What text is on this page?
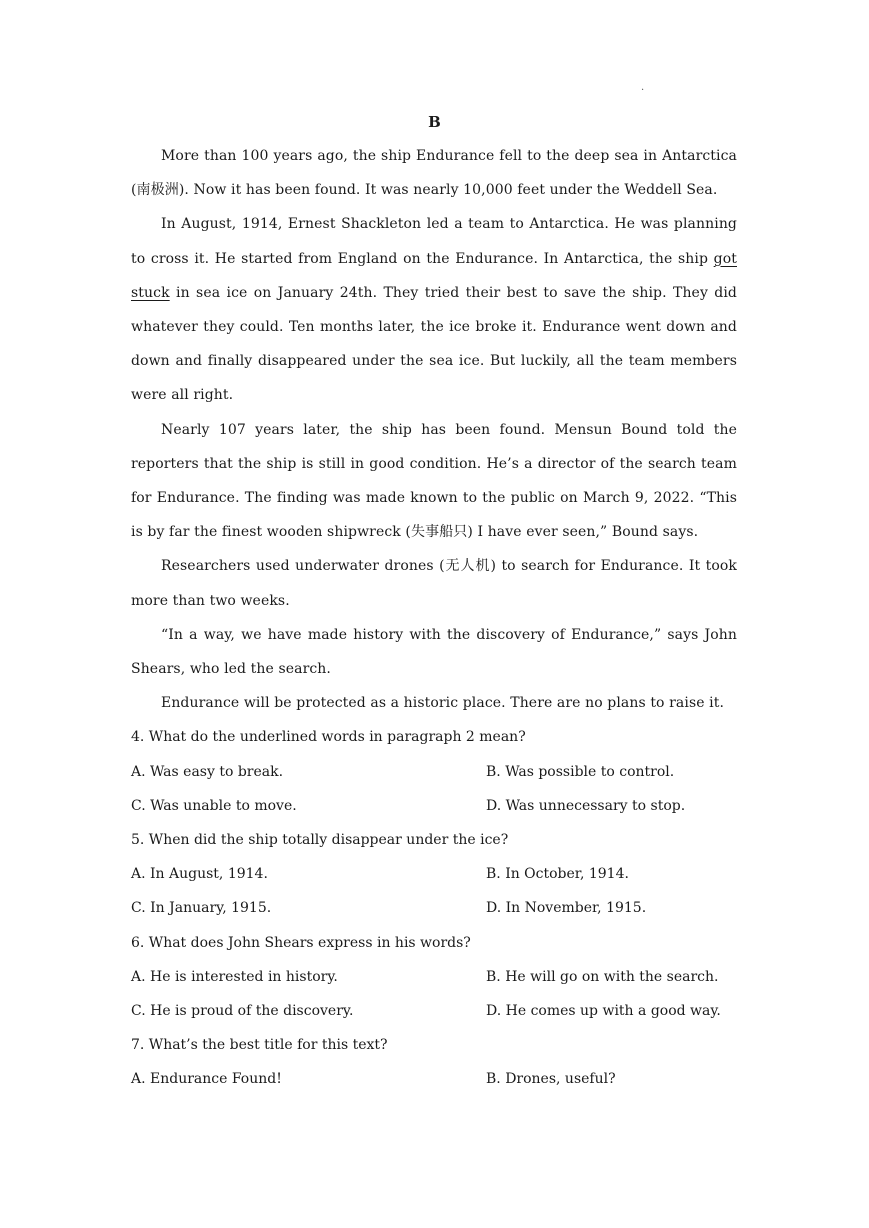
.
B

More than 100 years ago, the ship Endurance fell to the deep sea in Antarctica (南极洲). Now it has been found. It was nearly 10,000 feet under the Weddell Sea.

In August, 1914, Ernest Shackleton led a team to Antarctica. He was planning to cross it. He started from England on the Endurance. In Antarctica, the ship got stuck in sea ice on January 24th. They tried their best to save the ship. They did whatever they could. Ten months later, the ice broke it. Endurance went down and down and finally disappeared under the sea ice. But luckily, all the team members were all right.

Nearly 107 years later, the ship has been found. Mensun Bound told the reporters that the ship is still in good condition. He’s a director of the search team for Endurance. The finding was made known to the public on March 9, 2022. “This is by far the finest wooden shipwreck (失事船只) I have ever seen,” Bound says.

Researchers used underwater drones (无人机) to search for Endurance. It took more than two weeks.

“In a way, we have made history with the discovery of Endurance,” says John Shears, who led the search.

Endurance will be protected as a historic place. There are no plans to raise it.

4. What do the underlined words in paragraph 2 mean?

A. Was easy to break.	B. Was possible to control.
C. Was unable to move.	D. Was unnecessary to stop.

5. When did the ship totally disappear under the ice?

A. In August, 1914.	B. In October, 1914.
C. In January, 1915.	D. In November, 1915.

6. What does John Shears express in his words?

A. He is interested in history.	B. He will go on with the search.
C. He is proud of the discovery.	D. He comes up with a good way.

7. What’s the best title for this text?

A. Endurance Found!	B. Drones, useful?
